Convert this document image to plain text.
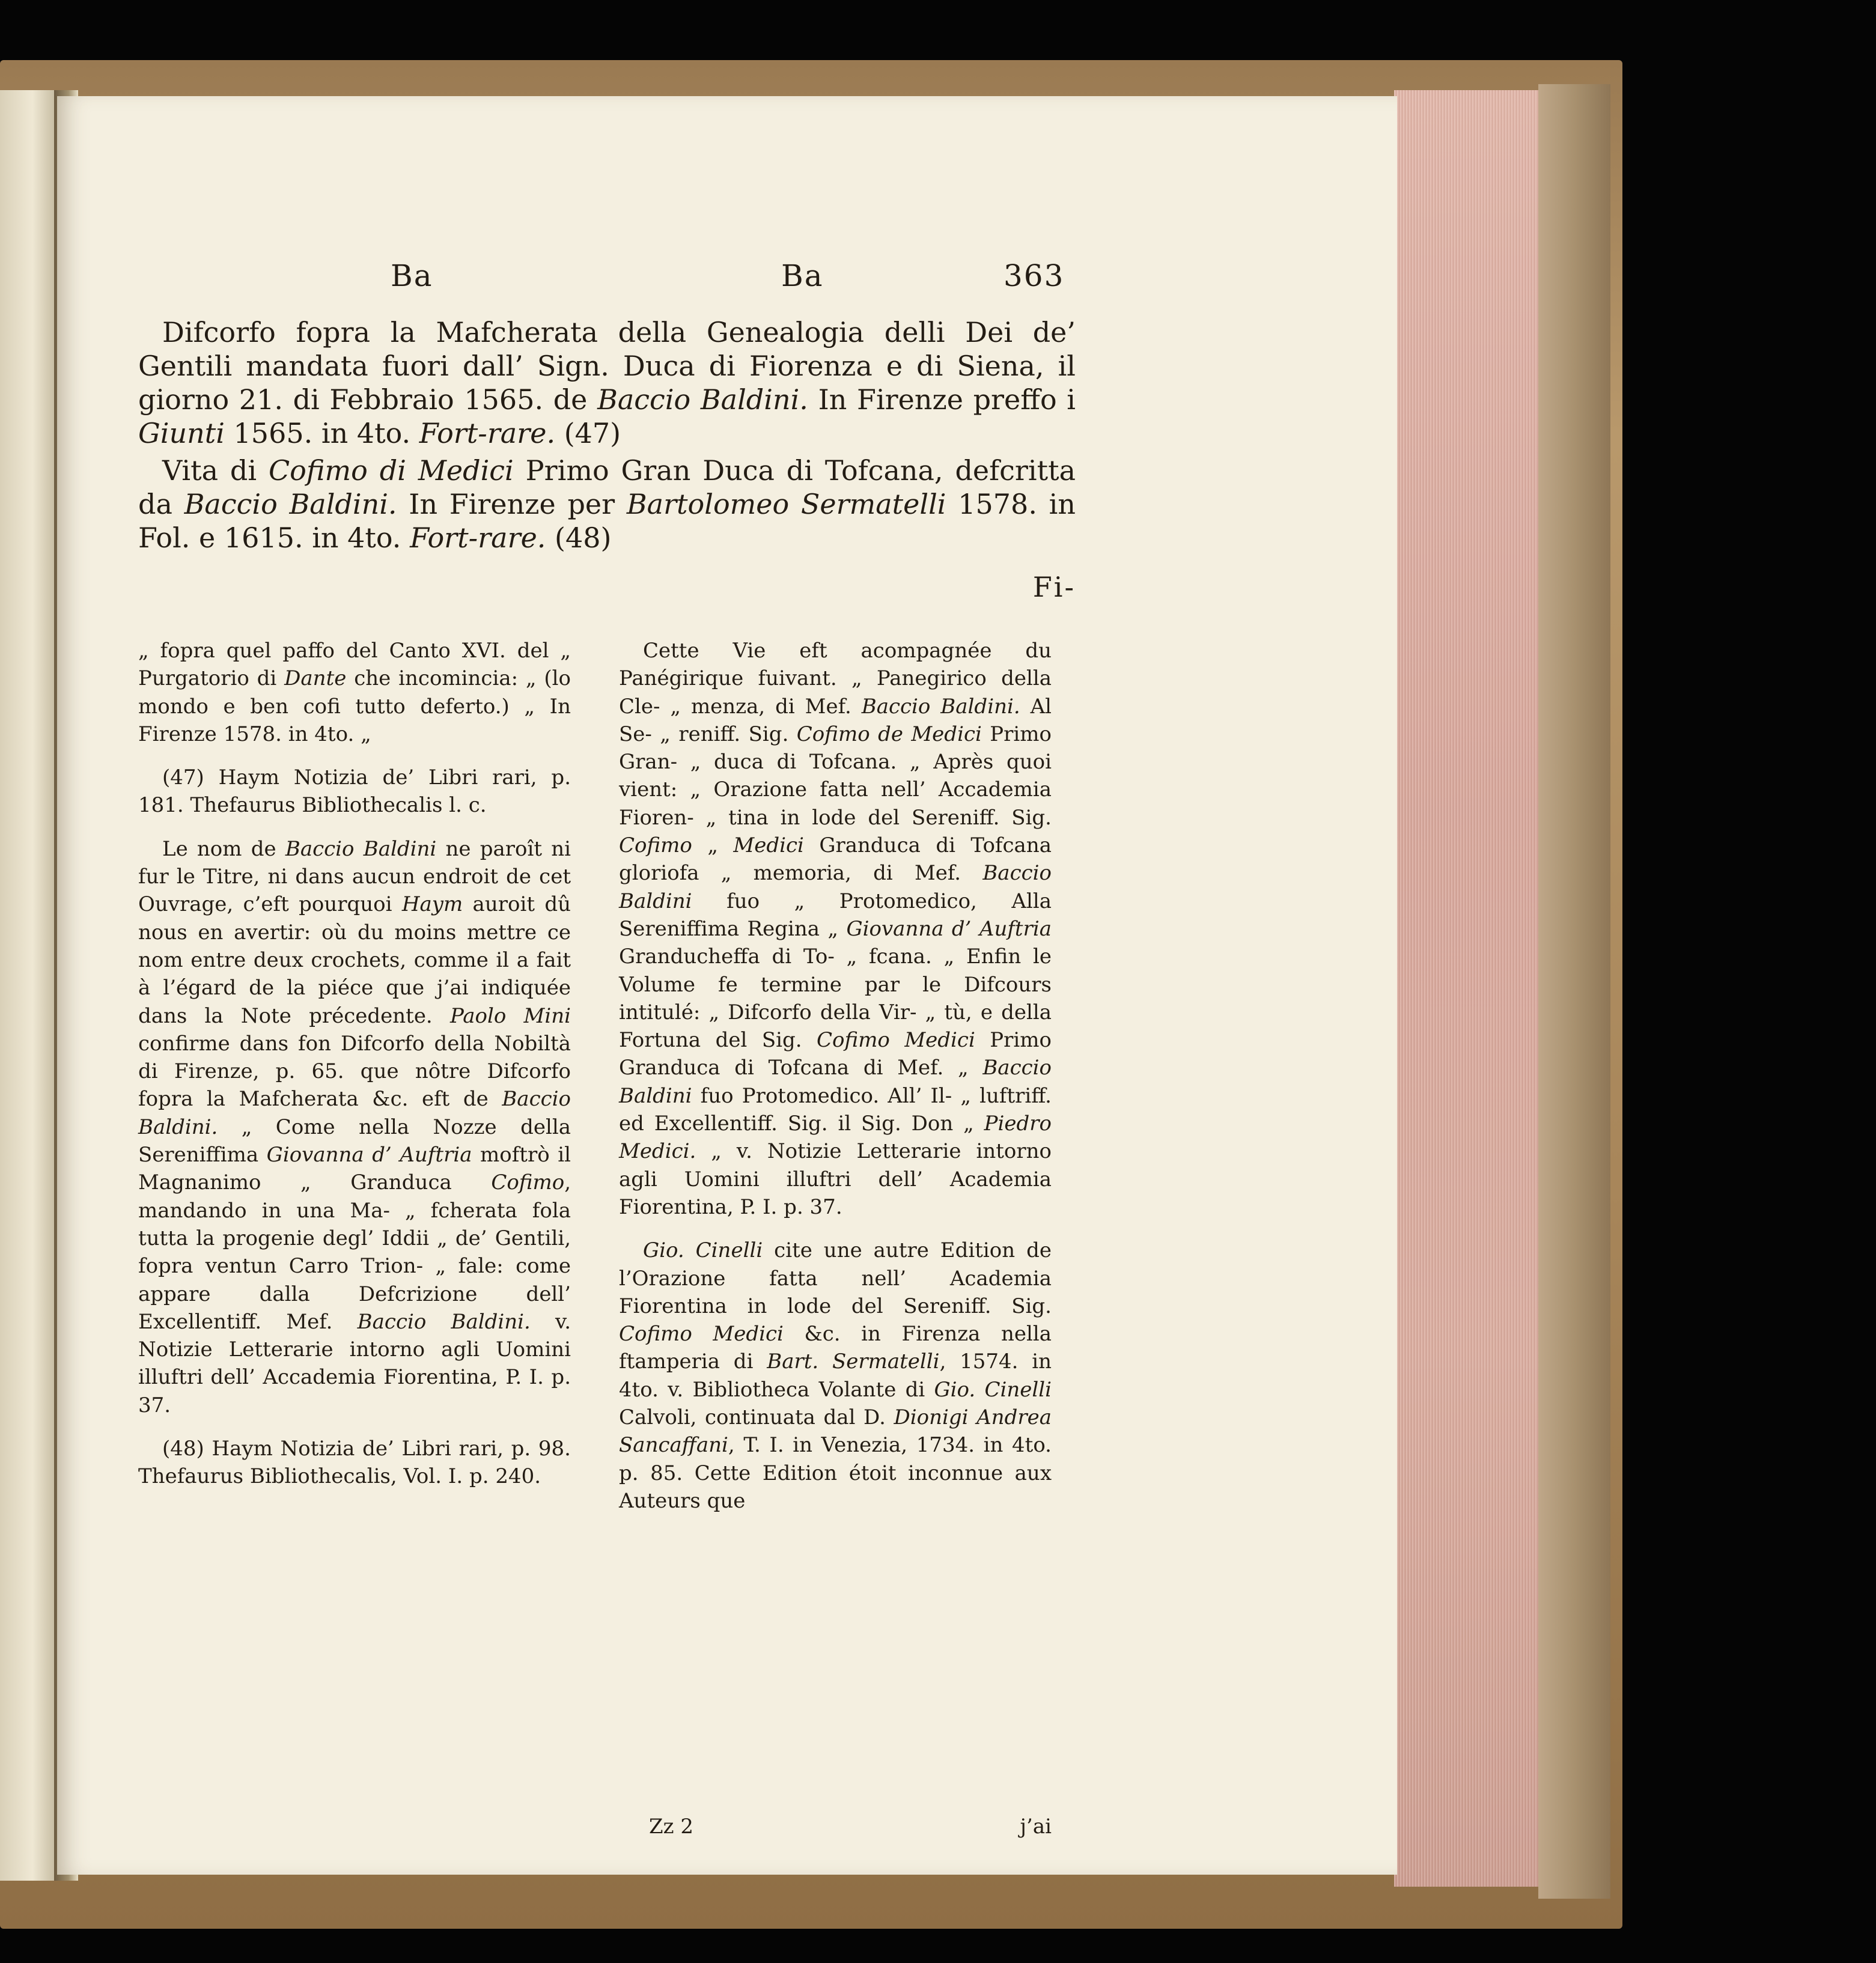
Ba	Ba	363

Difcorfo fopra la Mafcherata della Genealogia delli Dei de’ Gentili mandata fuori dall’ Sign. Duca di Fiorenza e di Siena, il giorno 21. di Febbraio 1565. de Baccio Baldini. In Firenze preffo i Giunti 1565. in 4to. Fort-rare. (47)

Vita di Cofimo di Medici Primo Gran Duca di Tofcana, defcritta da Baccio Baldini. In Firenze per Bartolomeo Sermatelli 1578. in Fol. e 1615. in 4to. Fort-rare. (48)

Fi-

„ fopra quel paffo del Canto XVI. del „ Purgatorio di Dante che incomincia: „ (lo mondo e ben cofi tutto deferto.) „ In Firenze 1578. in 4to. „

(47) Haym Notizia de’ Libri rari, p. 181. Thefaurus Bibliothecalis l. c.

Le nom de Baccio Baldini ne paroît ni fur le Titre, ni dans aucun endroit de cet Ouvrage, c’eft pourquoi Haym auroit dû nous en avertir: où du moins mettre ce nom entre deux crochets, comme il a fait à l’égard de la piéce que j’ai indiquée dans la Note précedente. Paolo Mini confirme dans fon Difcorfo della Nobiltà di Firenze, p. 65. que nôtre Difcorfo fopra la Mafcherata &c. eft de Baccio Baldini. „ Come nella Nozze della Sereniffima Giovanna d’ Auftria moftrò il Magnanimo „ Granduca Cofimo, mandando in una Ma- „ fcherata fola tutta la progenie degl’ Iddii „ de’ Gentili, fopra ventun Carro Trion- „ fale: come appare dalla Defcrizione dell’ Excellentiff. Mef. Baccio Baldini. v. Notizie Letterarie intorno agli Uomini illuftri dell’ Accademia Fiorentina, P. I. p. 37.

(48) Haym Notizia de’ Libri rari, p. 98. Thefaurus Bibliothecalis, Vol. I. p. 240.

Cette Vie eft acompagnée du Panégirique fuivant. „ Panegirico della Cle- „ menza, di Mef. Baccio Baldini. Al Se- „ reniff. Sig. Cofimo de Medici Primo Gran- „ duca di Tofcana. „ Après quoi vient: „ Orazione fatta nell’ Accademia Fioren- „ tina in lode del Sereniff. Sig. Cofimo „ Medici Granduca di Tofcana gloriofa „ memoria, di Mef. Baccio Baldini fuo „ Protomedico, Alla Sereniffima Regina „ Giovanna d’ Auftria Granducheffa di To- „ fcana. „ Enfin le Volume fe termine par le Difcours intitulé: „ Difcorfo della Vir- „ tù, e della Fortuna del Sig. Cofimo Medici Primo Granduca di Tofcana di Mef. „ Baccio Baldini fuo Protomedico. All’ Il- „ luftriff. ed Excellentiff. Sig. il Sig. Don „ Piedro Medici. „ v. Notizie Letterarie intorno agli Uomini illuftri dell’ Academia Fiorentina, P. I. p. 37.

Gio. Cinelli cite une autre Edition de l’Orazione fatta nell’ Academia Fiorentina in lode del Sereniff. Sig. Cofimo Medici &c. in Firenza nella ftamperia di Bart. Sermatelli, 1574. in 4to. v. Bibliotheca Volante di Gio. Cinelli Calvoli, continuata dal D. Dionigi Andrea Sancaffani, T. I. in Venezia, 1734. in 4to. p. 85. Cette Edition étoit inconnue aux Auteurs que

Zz 2	j’ai
